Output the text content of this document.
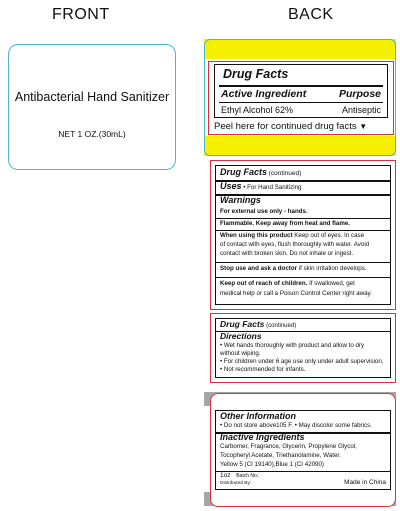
FRONT	BACK
Antibacterial Hand Sanitizer
NET 1 OZ.(30mL)
Drug Facts
Active Ingredient	Purpose
Ethyl Alcohol 62%	Antiseptic
Peel here for continued drug facts ▼
Drug Facts (continued)
Uses • For Hand Sanitizing
Warnings
For external use only - hands.
Flammable. Keep away from heat and flame.
When using this product Keep out of eyes. In case
of contact with eyes, flush thoroughly with water. Avoid
contact with broken skin. Do not inhale or ingest.
Stop use and ask a doctor if skin irritation develops.
Keep out of reach of children. If swallowed, get
medical help or call a Poison Control Center right away.
Drug Facts (continued)
Directions
• Wet hands thoroughly with product and allow to dry
without wiping.
• For children under 6 age use only under adult supervision.
• Not recommended for infants.
Other Information
• Do not store above105 F. • May discolor some fabrics.
Inactive Ingredients
Carbomer, Fragrance, Glycerin, Propylene Glycol,
Tocopheryl Acetate, Triethanolamine, Water.
Yellow 5 (CI 19140),Blue 1 (CI 42090)
1oz Batch No.:
Distributed By:	Made in China
